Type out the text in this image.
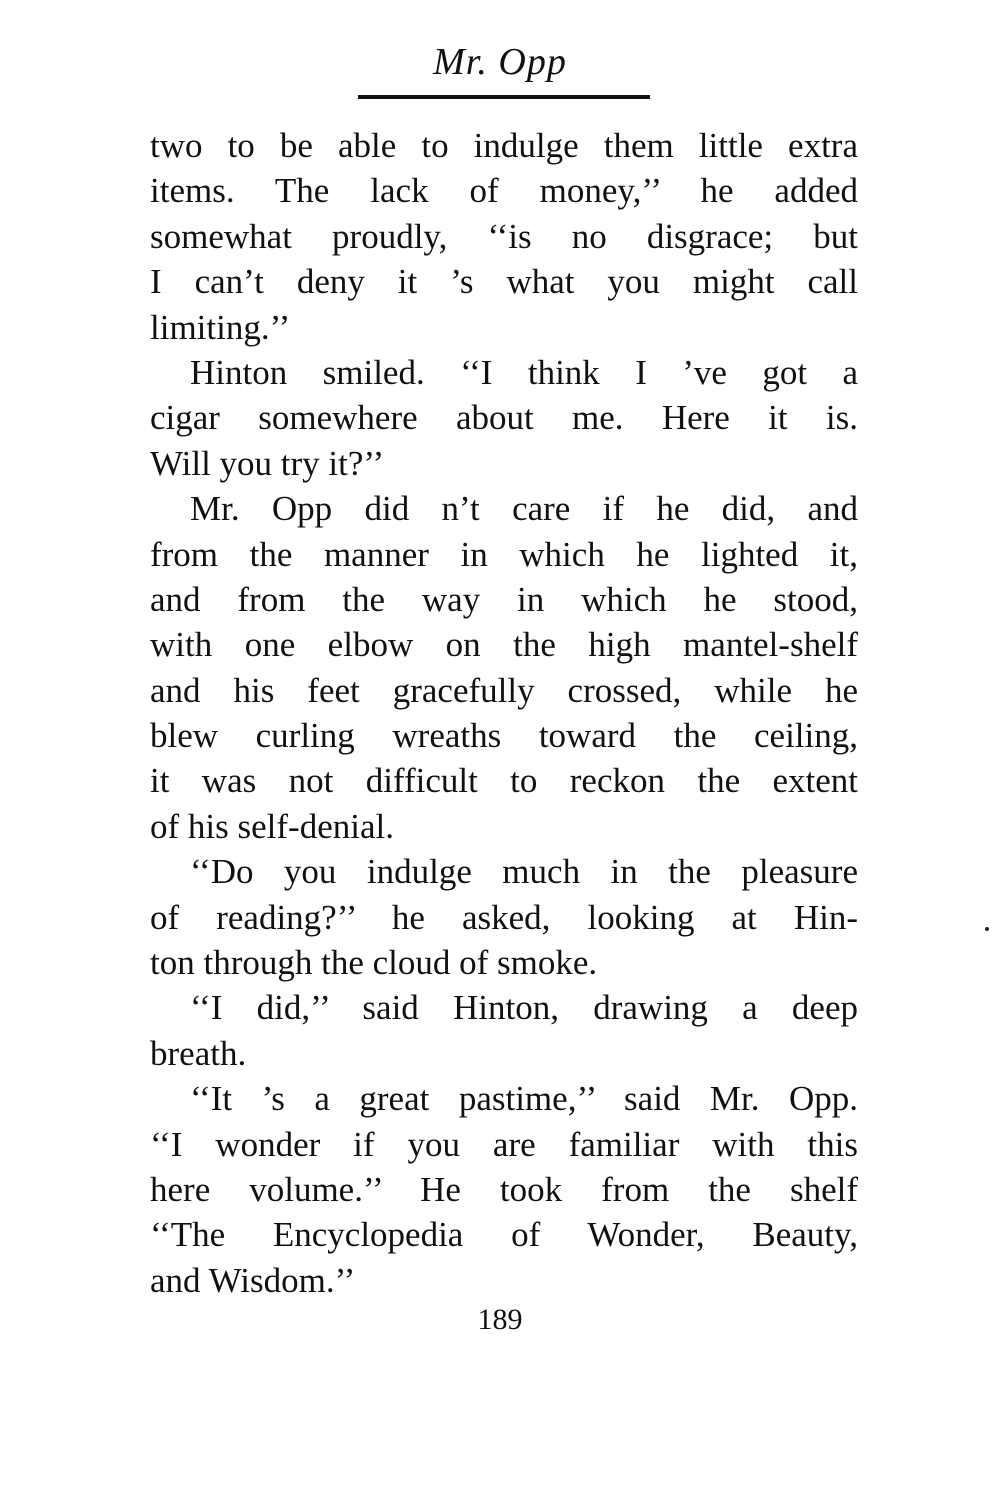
Mr. Opp
two to be able to indulge them little extra
items. The lack of money,’’ he added
somewhat proudly, ‘‘is no disgrace; but
I can’t deny it ’s what you might call
limiting.’’
Hinton smiled. ‘‘I think I ’ve got a
cigar somewhere about me. Here it is.
Will you try it?’’
Mr. Opp did n’t care if he did, and
from the manner in which he lighted it,
and from the way in which he stood,
with one elbow on the high mantel-shelf
and his feet gracefully crossed, while he
blew curling wreaths toward the ceiling,
it was not difficult to reckon the extent
of his self-denial.
‘‘Do you indulge much in the pleasure
of reading?’’ he asked, looking at Hin-
ton through the cloud of smoke.
‘‘I did,’’ said Hinton, drawing a deep
breath.
‘‘It ’s a great pastime,’’ said Mr. Opp.
‘‘I wonder if you are familiar with this
here volume.’’ He took from the shelf
‘‘The Encyclopedia of Wonder, Beauty,
and Wisdom.’’
189
